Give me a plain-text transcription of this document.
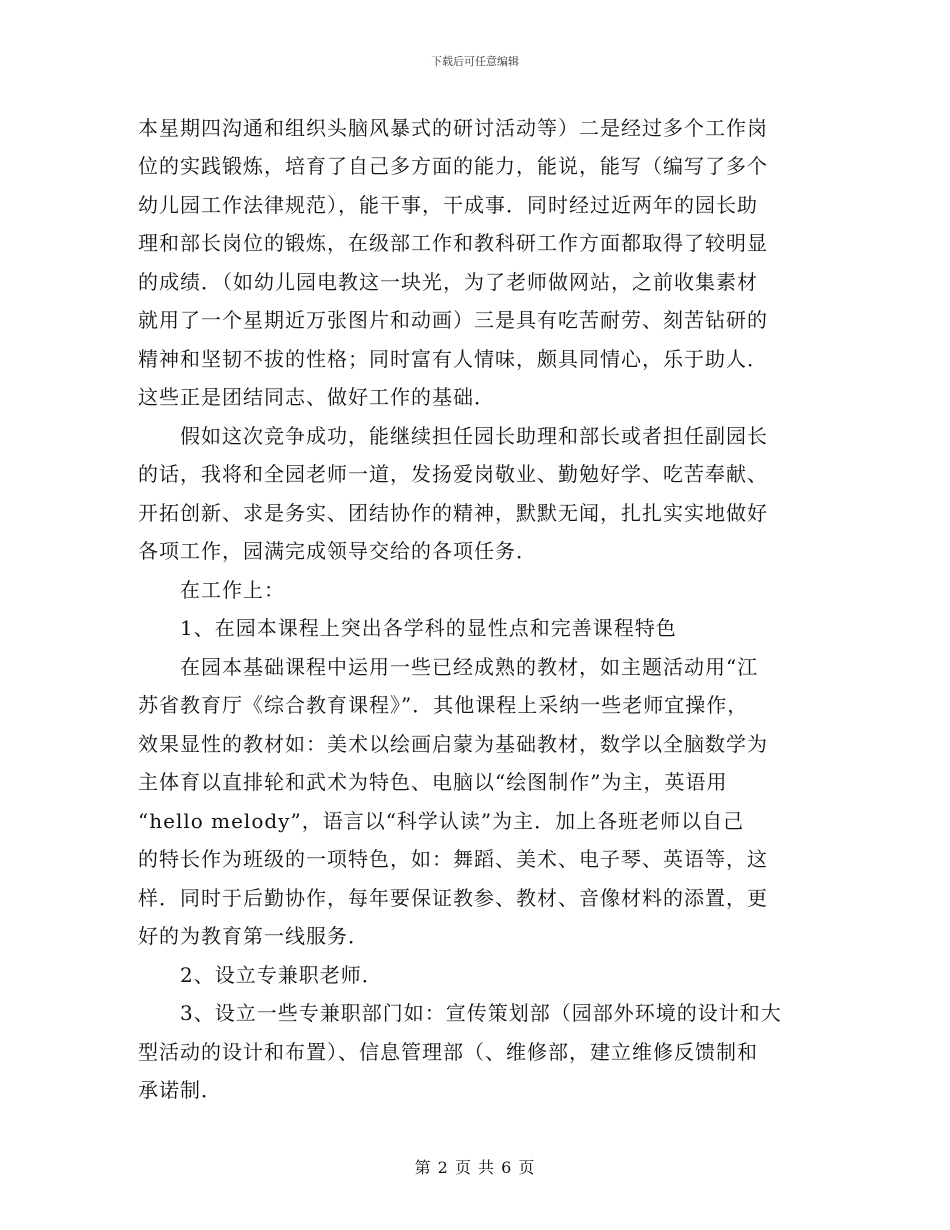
下载后可任意编辑
本星期四沟通和组织头脑风暴式的研讨活动等）二是经过多个工作岗
位的实践锻炼，培育了自己多方面的能力，能说，能写（编写了多个
幼儿园工作法律规范），能干事，干成事．同时经过近两年的园长助
理和部长岗位的锻炼，在级部工作和教科研工作方面都取得了较明显
的成绩．（如幼儿园电教这一块光，为了老师做网站，之前收集素材
就用了一个星期近万张图片和动画）三是具有吃苦耐劳、刻苦钻研的
精神和坚韧不拔的性格；同时富有人情味，颇具同情心，乐于助人．
这些正是团结同志、做好工作的基础．
　　假如这次竞争成功，能继续担任园长助理和部长或者担任副园长
的话，我将和全园老师一道，发扬爱岗敬业、勤勉好学、吃苦奉献、
开拓创新、求是务实、团结协作的精神，默默无闻，扎扎实实地做好
各项工作，园满完成领导交给的各项任务．
　　在工作上：
　　1、在园本课程上突出各学科的显性点和完善课程特色
　　在园本基础课程中运用一些已经成熟的教材，如主题活动用“江
苏省教育厅《综合教育课程》”．其他课程上采纳一些老师宜操作，
效果显性的教材如：美术以绘画启蒙为基础教材，数学以全脑数学为
主体育以直排轮和武术为特色、电脑以“绘图制作”为主，英语用
“hello melody”，语言以“科学认读”为主．加上各班老师以自己
的特长作为班级的一项特色，如：舞蹈、美术、电子琴、英语等，这
样．同时于后勤协作，每年要保证教参、教材、音像材料的添置，更
好的为教育第一线服务．
　　2、设立专兼职老师．
　　3、设立一些专兼职部门如：宣传策划部（园部外环境的设计和大
型活动的设计和布置）、信息管理部（、维修部，建立维修反馈制和
承诺制．
第 2 页 共 6 页
